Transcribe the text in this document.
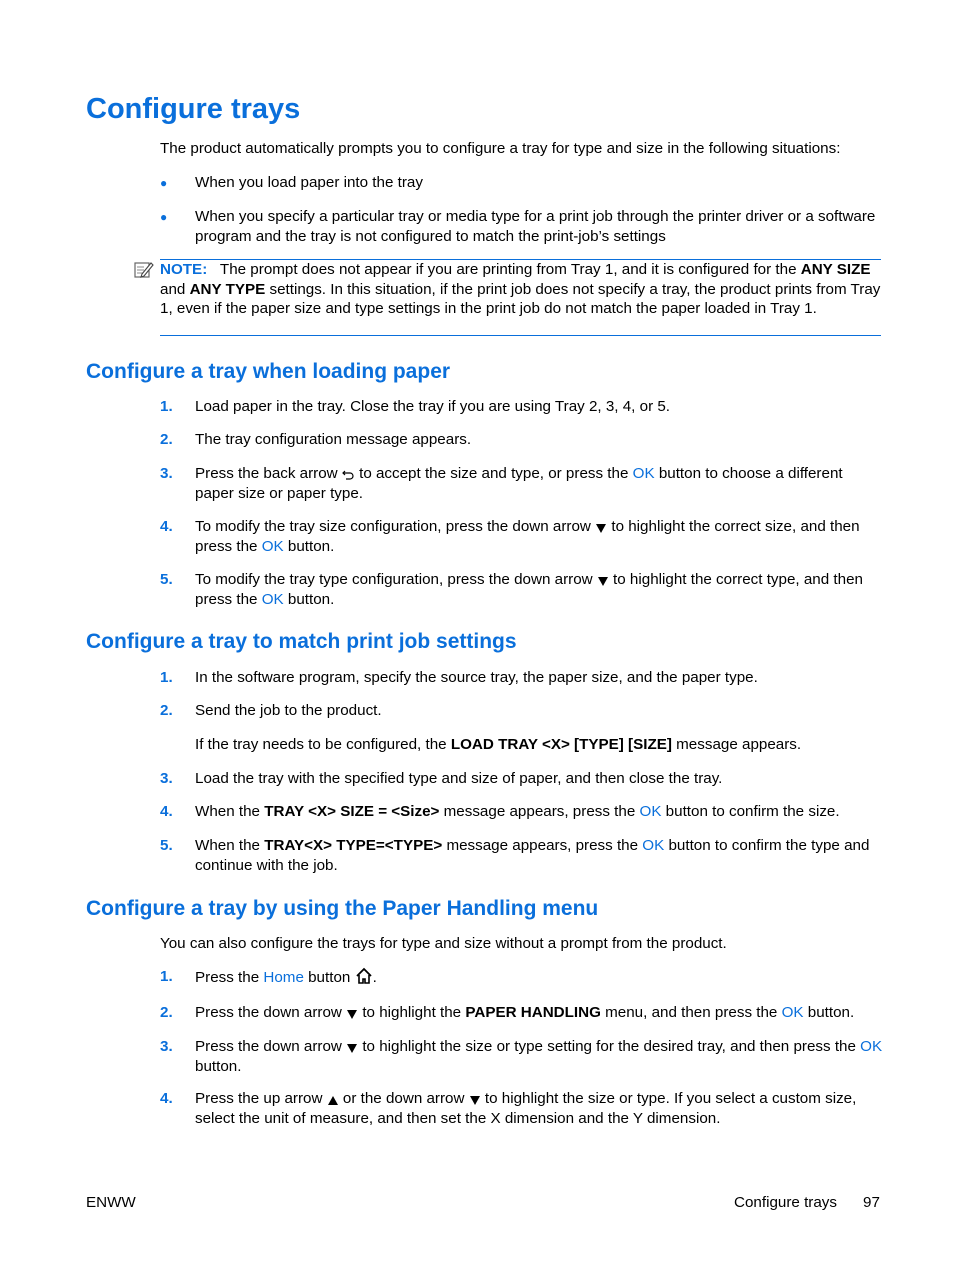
Configure trays

The product automatically prompts you to configure a tray for type and size in the following situations:

● When you load paper into the tray

● When you specify a particular tray or media type for a print job through the printer driver or a software program and the tray is not configured to match the print-job’s settings

NOTE: The prompt does not appear if you are printing from Tray 1, and it is configured for the ANY SIZE and ANY TYPE settings. In this situation, if the print job does not specify a tray, the product prints from Tray 1, even if the paper size and type settings in the print job do not match the paper loaded in Tray 1.

Configure a tray when loading paper
1. Load paper in the tray. Close the tray if you are using Tray 2, 3, 4, or 5.

2. The tray configuration message appears.

3. Press the back arrow  to accept the size and type, or press the OK button to choose a different paper size or paper type.

4. To modify the tray size configuration, press the down arrow  to highlight the correct size, and then press the OK button.

5. To modify the tray type configuration, press the down arrow  to highlight the correct type, and then press the OK button.

Configure a tray to match print job settings
1. In the software program, specify the source tray, the paper size, and the paper type.

2. Send the job to the product.

If the tray needs to be configured, the LOAD TRAY <X> [TYPE] [SIZE] message appears.

3. Load the tray with the specified type and size of paper, and then close the tray.

4. When the TRAY <X> SIZE = <Size> message appears, press the OK button to confirm the size.

5. When the TRAY<X> TYPE=<TYPE> message appears, press the OK button to confirm the type and continue with the job.

Configure a tray by using the Paper Handling menu

You can also configure the trays for type and size without a prompt from the product.

1. Press the Home button .

2. Press the down arrow  to highlight the PAPER HANDLING menu, and then press the OK button.

3. Press the down arrow  to highlight the size or type setting for the desired tray, and then press the OK button.

4. Press the up arrow  or the down arrow  to highlight the size or type. If you select a custom size, select the unit of measure, and then set the X dimension and the Y dimension.

ENWW	Configure trays 97
